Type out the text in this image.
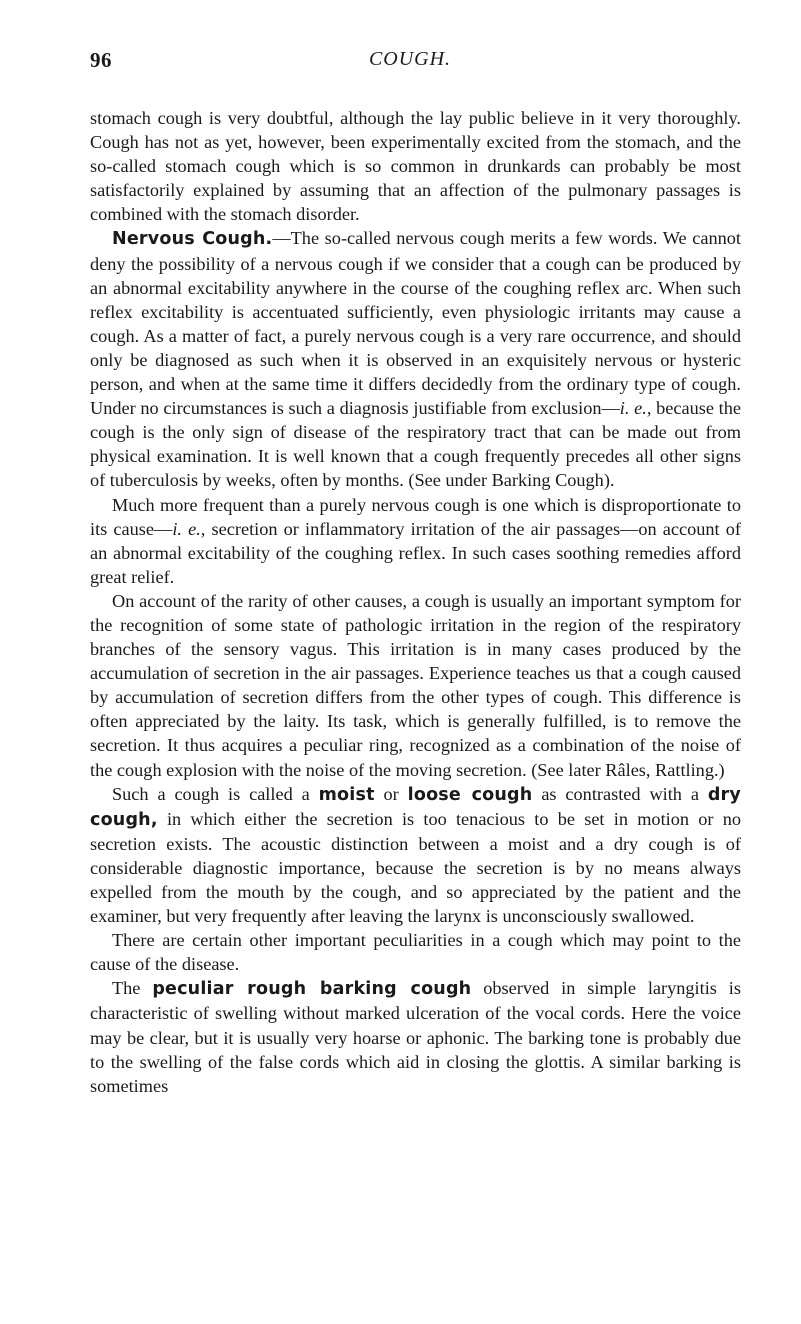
96	COUGH.

stomach cough is very doubtful, although the lay public believe in it very thoroughly. Cough has not as yet, however, been experimentally excited from the stomach, and the so-called stomach cough which is so common in drunkards can probably be most satisfactorily explained by assuming that an affection of the pulmonary passages is combined with the stomach disorder.

Nervous Cough.—The so-called nervous cough merits a few words. We cannot deny the possibility of a nervous cough if we consider that a cough can be produced by an abnormal excitability anywhere in the course of the coughing reflex arc. When such reflex excitability is accentuated sufficiently, even physiologic irritants may cause a cough. As a matter of fact, a purely nervous cough is a very rare occurrence, and should only be diagnosed as such when it is observed in an exquisitely nervous or hysteric person, and when at the same time it differs decidedly from the ordinary type of cough. Under no circumstances is such a diagnosis justifiable from exclusion—i. e., because the cough is the only sign of disease of the respiratory tract that can be made out from physical examination. It is well known that a cough frequently precedes all other signs of tuberculosis by weeks, often by months. (See under Barking Cough).

Much more frequent than a purely nervous cough is one which is disproportionate to its cause—i. e., secretion or inflammatory irritation of the air passages—on account of an abnormal excitability of the coughing reflex. In such cases soothing remedies afford great relief.

On account of the rarity of other causes, a cough is usually an important symptom for the recognition of some state of pathologic irritation in the region of the respiratory branches of the sensory vagus. This irritation is in many cases produced by the accumulation of secretion in the air passages. Experience teaches us that a cough caused by accumulation of secretion differs from the other types of cough. This difference is often appreciated by the laity. Its task, which is generally fulfilled, is to remove the secretion. It thus acquires a peculiar ring, recognized as a combination of the noise of the cough explosion with the noise of the moving secretion. (See later Râles, Rattling.)

Such a cough is called a moist or loose cough as contrasted with a dry cough, in which either the secretion is too tenacious to be set in motion or no secretion exists. The acoustic distinction between a moist and a dry cough is of considerable diagnostic importance, because the secretion is by no means always expelled from the mouth by the cough, and so appreciated by the patient and the examiner, but very frequently after leaving the larynx is unconsciously swallowed.

There are certain other important peculiarities in a cough which may point to the cause of the disease.

The peculiar rough barking cough observed in simple laryngitis is characteristic of swelling without marked ulceration of the vocal cords. Here the voice may be clear, but it is usually very hoarse or aphonic. The barking tone is probably due to the swelling of the false cords which aid in closing the glottis. A similar barking is sometimes
